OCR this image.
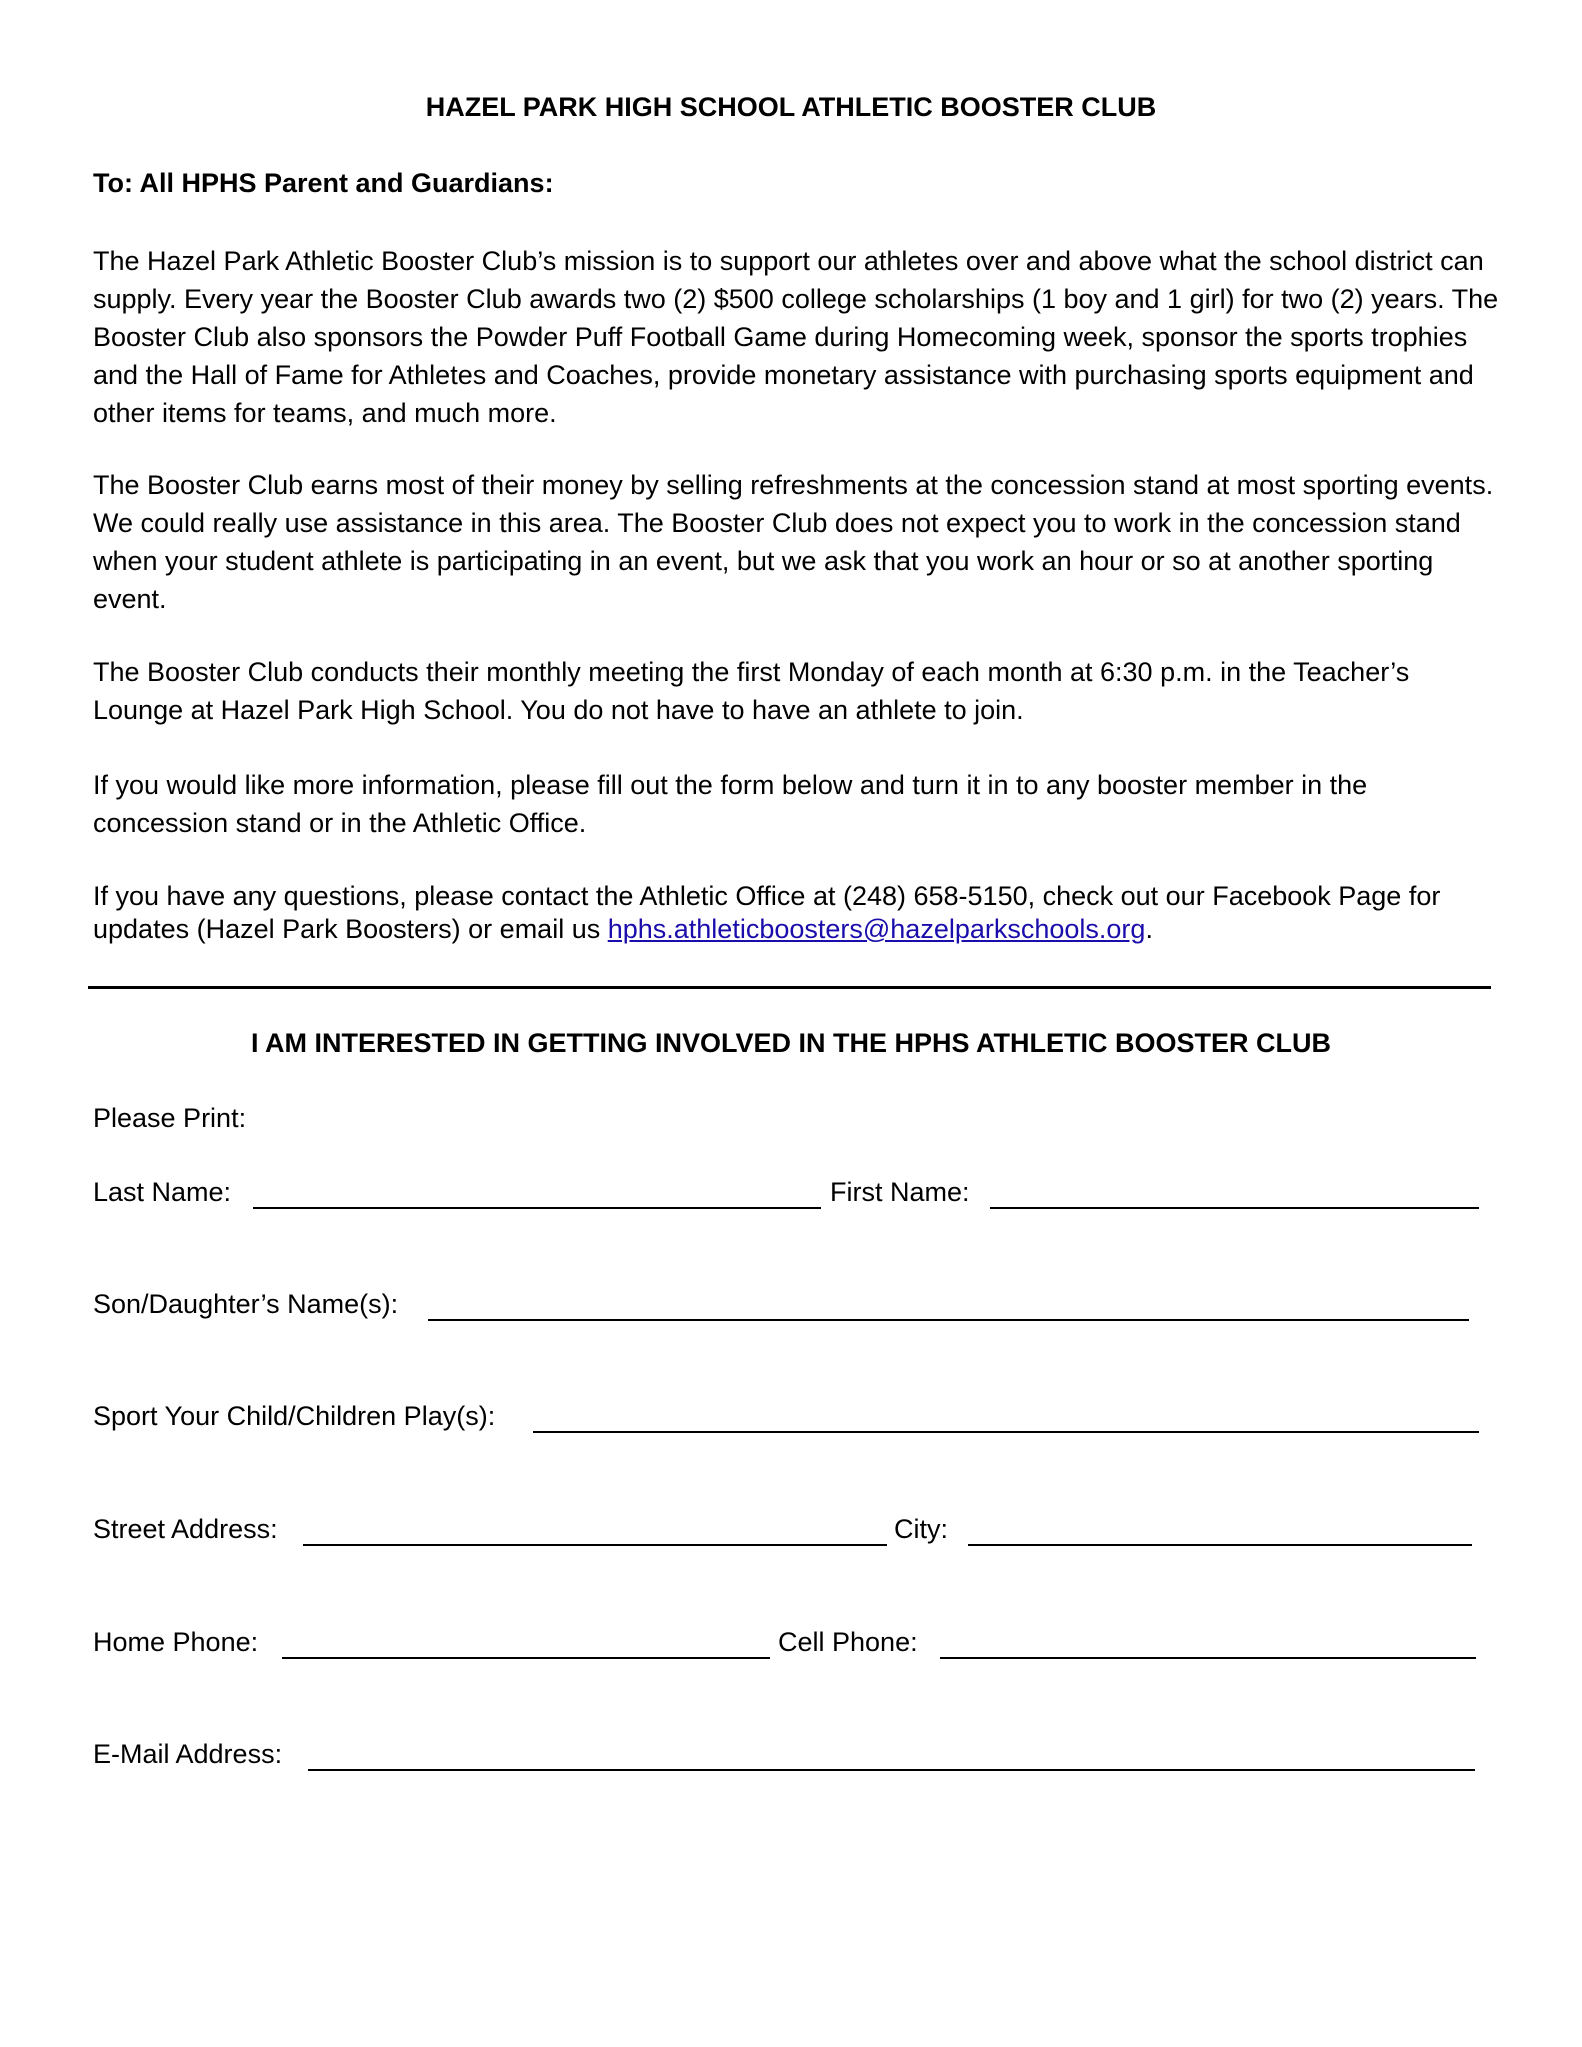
HAZEL PARK HIGH SCHOOL ATHLETIC BOOSTER CLUB

To: All HPHS Parent and Guardians:

The Hazel Park Athletic Booster Club’s mission is to support our athletes over and above what the school district can supply. Every year the Booster Club awards two (2) $500 college scholarships (1 boy and 1 girl) for two (2) years. The Booster Club also sponsors the Powder Puff Football Game during Homecoming week, sponsor the sports trophies and the Hall of Fame for Athletes and Coaches, provide monetary assistance with purchasing sports equipment and other items for teams, and much more.

The Booster Club earns most of their money by selling refreshments at the concession stand at most sporting events. We could really use assistance in this area. The Booster Club does not expect you to work in the concession stand when your student athlete is participating in an event, but we ask that you work an hour or so at another sporting event.

The Booster Club conducts their monthly meeting the first Monday of each month at 6:30 p.m. in the Teacher’s Lounge at Hazel Park High School. You do not have to have an athlete to join.

If you would like more information, please fill out the form below and turn it in to any booster member in the concession stand or in the Athletic Office.

If you have any questions, please contact the Athletic Office at (248) 658-5150, check out our Facebook Page for updates (Hazel Park Boosters) or email us hphs.athleticboosters@hazelparkschools.org.

I AM INTERESTED IN GETTING INVOLVED IN THE HPHS ATHLETIC BOOSTER CLUB

Please Print:

Last Name:	First Name:
Son/Daughter’s Name(s):
Sport Your Child/Children Play(s):
Street Address:	City:
Home Phone:	Cell Phone:
E-Mail Address:
